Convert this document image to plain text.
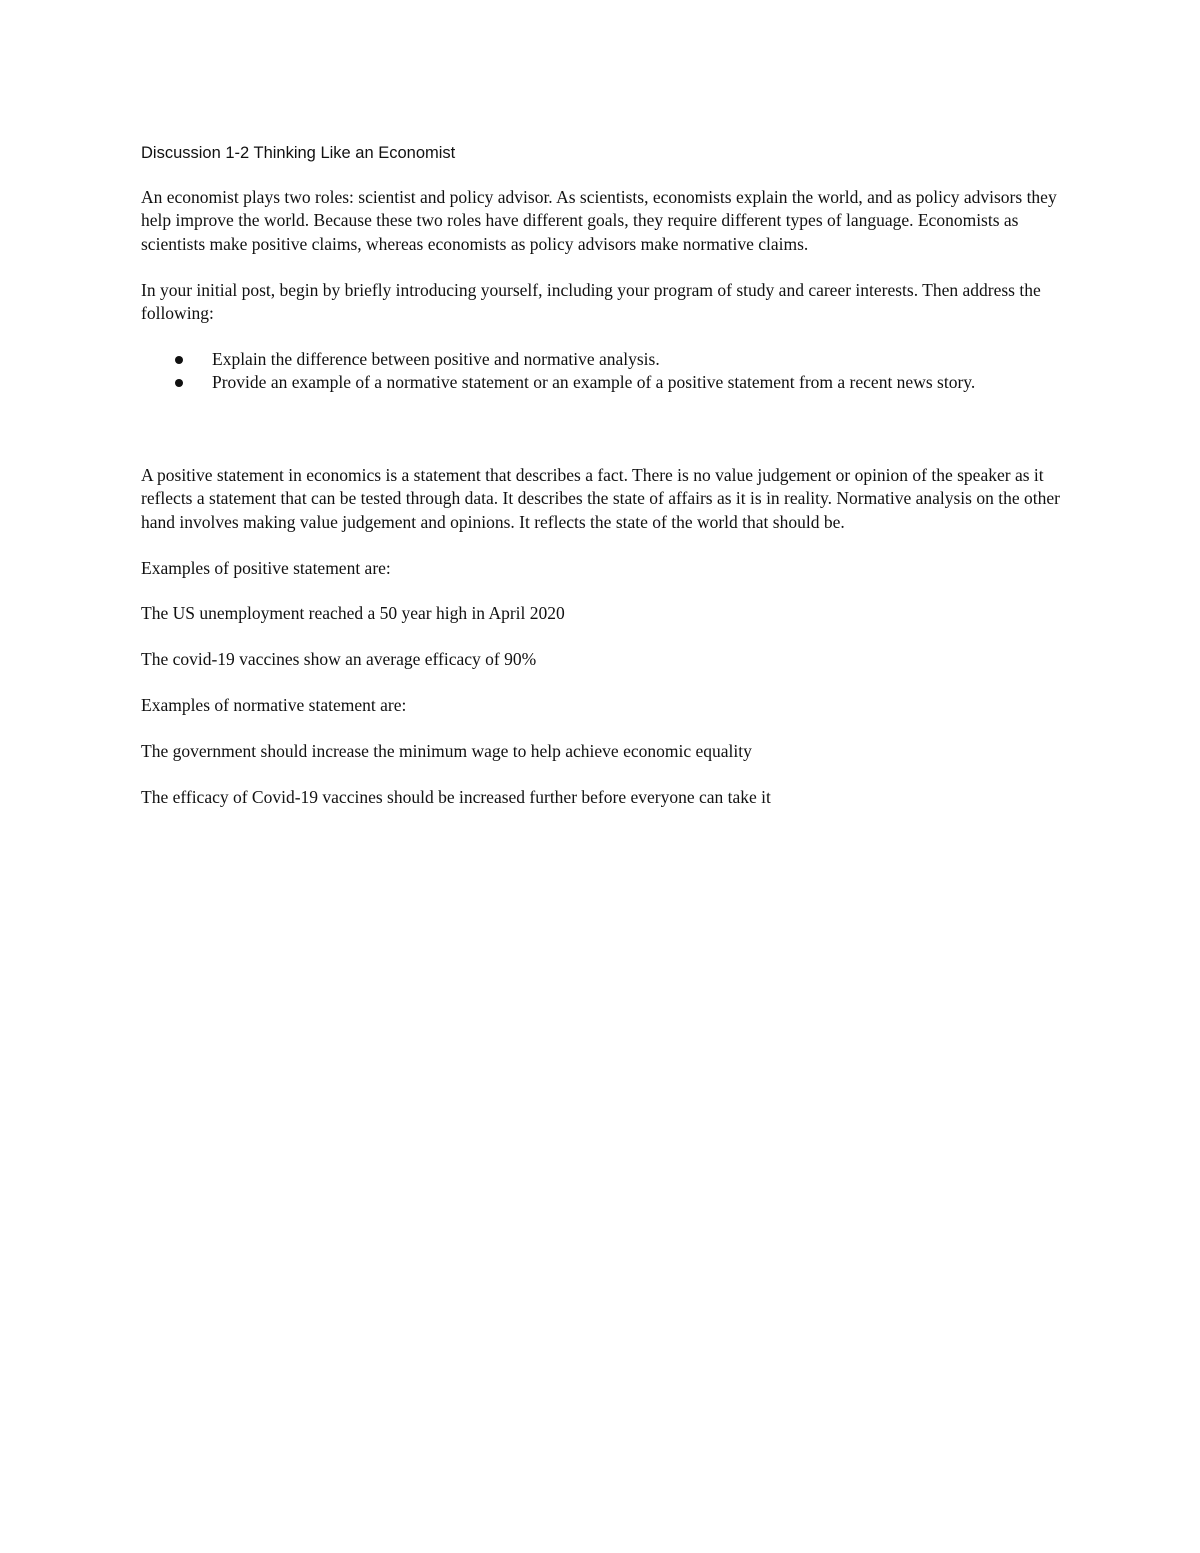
Discussion 1-2 Thinking Like an Economist

An economist plays two roles: scientist and policy advisor. As scientists, economists explain the world, and as policy advisors they help improve the world. Because these two roles have different goals, they require different types of language. Economists as scientists make positive claims, whereas economists as policy advisors make normative claims.

In your initial post, begin by briefly introducing yourself, including your program of study and career interests. Then address the following:

Explain the difference between positive and normative analysis.
Provide an example of a normative statement or an example of a positive statement from a recent news story.

A positive statement in economics is a statement that describes a fact. There is no value judgement or opinion of the speaker as it reflects a statement that can be tested through data. It describes the state of affairs as it is in reality. Normative analysis on the other hand involves making value judgement and opinions. It reflects the state of the world that should be.

Examples of positive statement are:

The US unemployment reached a 50 year high in April 2020

The covid-19 vaccines show an average efficacy of 90%

Examples of normative statement are:

The government should increase the minimum wage to help achieve economic equality

The efficacy of Covid-19 vaccines should be increased further before everyone can take it
